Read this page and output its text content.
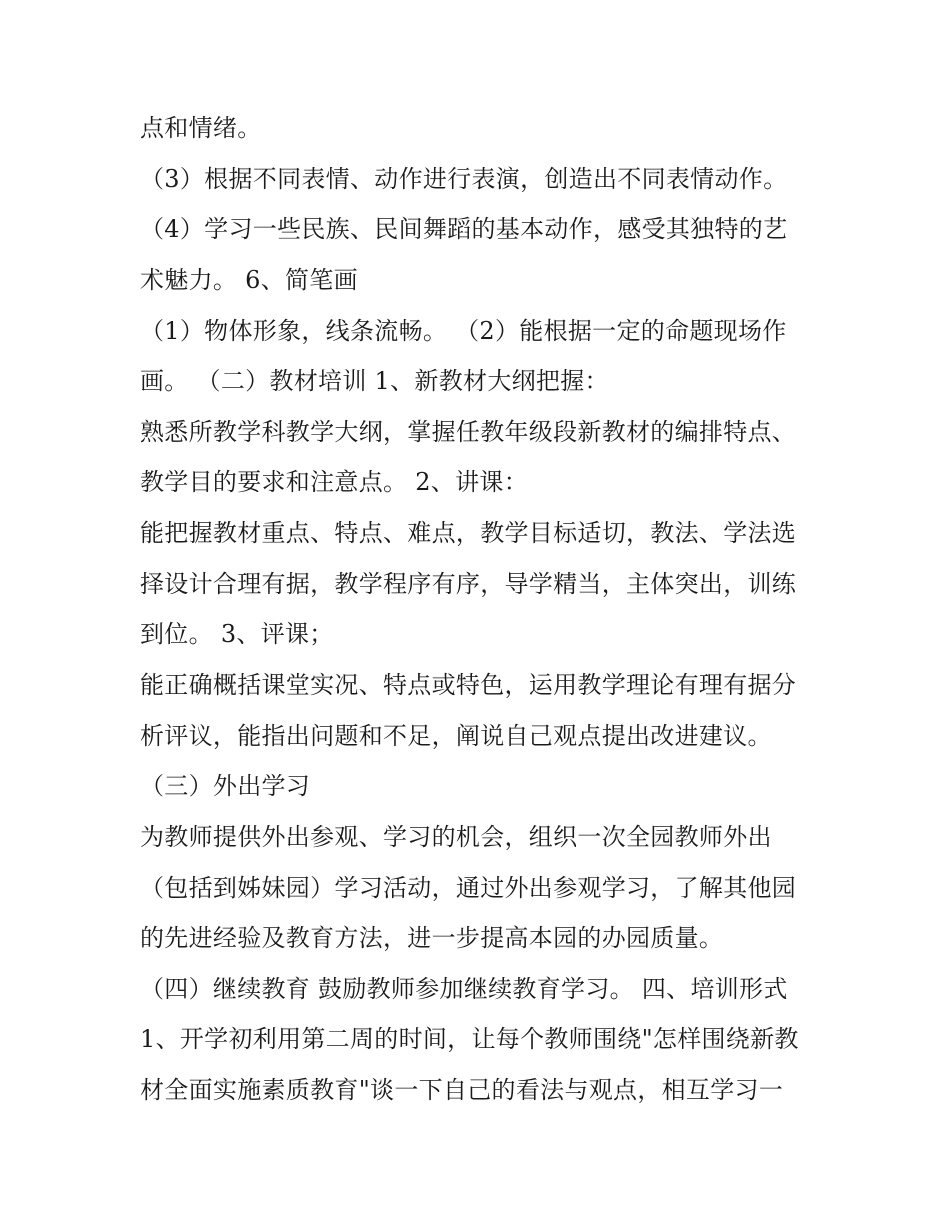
点和情绪。
（3）根据不同表情、动作进行表演，创造出不同表情动作。
（4）学习一些民族、民间舞蹈的基本动作，感受其独特的艺
术魅力。 6、简笔画
（1）物体形象，线条流畅。 （2）能根据一定的命题现场作
画。 （二）教材培训 1、新教材大纲把握：
熟悉所教学科教学大纲，掌握任教年级段新教材的编排特点、
教学目的要求和注意点。 2、讲课：
能把握教材重点、特点、难点，教学目标适切，教法、学法选
择设计合理有据，教学程序有序，导学精当，主体突出，训练
到位。 3、评课；
能正确概括课堂实况、特点或特色，运用教学理论有理有据分
析评议，能指出问题和不足，阐说自己观点提出改进建议。
（三）外出学习
为教师提供外出参观、学习的机会，组织一次全园教师外出
（包括到姊妹园）学习活动，通过外出参观学习，了解其他园
的先进经验及教育方法，进一步提高本园的办园质量。
（四）继续教育 鼓励教师参加继续教育学习。 四、培训形式
1、开学初利用第二周的时间，让每个教师围绕"怎样围绕新教
材全面实施素质教育"谈一下自己的看法与观点，相互学习一
